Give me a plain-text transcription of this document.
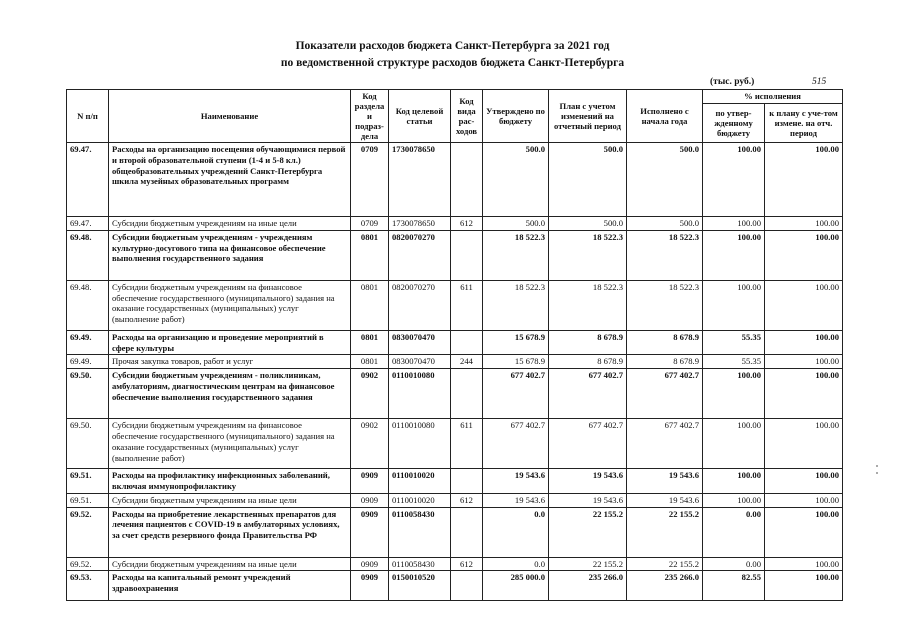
Показатели расходов бюджета Санкт-Петербурга за 2021 год
по ведомственной структуре расходов бюджета Санкт-Петербурга
(тыс. руб.)	515
N п/п	Наименование	Код раздела и подраз-дела	Код целевой статьи	Код вида рас-ходов	Утверждено по бюджету	План с учетом изменений на отчетный период	Исполнено с начала года	% исполнения	
								по утвер-жденному бюджету	к плану с уче-том измене. на отч. период
69.47.	Расходы на организацию посещения обучающимися первой и второй образовательной ступени (1-4 и 5-8 кл.) общеобразовательных учреждений Санкт-Петербурга шкила музейных образовательных программ	0709	1730078650		500.0	500.0	500.0	100.00	100.00
69.47.	Субсидии бюджетным учреждениям на иные цели	0709	1730078650	612	500.0	500.0	500.0	100.00	100.00
69.48.	Субсидии бюджетным учреждениям - учреждениям культурно-досугового типа на финансовое обеспечение выполнения государственного задания	0801	0820070270		18 522.3	18 522.3	18 522.3	100.00	100.00
69.48.	Субсидии бюджетным учреждениям на финансовое обеспечение государственного (муниципального) задания на оказание государственных (муниципальных) услуг (выполнение работ)	0801	0820070270	611	18 522.3	18 522.3	18 522.3	100.00	100.00
69.49.	Расходы на организацию и проведение мероприятий в сфере культуры	0801	0830070470		15 678.9	8 678.9	8 678.9	55.35	100.00
69.49.	Прочая закупка товаров, работ и услуг	0801	0830070470	244	15 678.9	8 678.9	8 678.9	55.35	100.00
69.50.	Субсидии бюджетным учреждениям - поликлиникам, амбулаториям, диагностическим центрам на финансовое обеспечение выполнения государственного задания	0902	0110010080		677 402.7	677 402.7	677 402.7	100.00	100.00
69.50.	Субсидии бюджетным учреждениям на финансовое обеспечение государственного (муниципального) задания на оказание государственных (муниципальных) услуг (выполнение работ)	0902	0110010080	611	677 402.7	677 402.7	677 402.7	100.00	100.00
69.51.	Расходы на профилактику инфекционных заболеваний, включая иммунопрофилактику	0909	0110010020		19 543.6	19 543.6	19 543.6	100.00	100.00
69.51.	Субсидии бюджетным учреждениям на иные цели	0909	0110010020	612	19 543.6	19 543.6	19 543.6	100.00	100.00
69.52.	Расходы на приобретение лекарственных препаратов для лечения пациентов с COVID-19 в амбулаторных условиях, за счет средств резервного фонда Правительства РФ	0909	0110058430		0.0	22 155.2	22 155.2	0.00	100.00
69.52.	Субсидии бюджетным учреждениям на иные цели	0909	0110058430	612	0.0	22 155.2	22 155.2	0.00	100.00
69.53.	Расходы на капитальный ремонт учреждений здравоохранения	0909	0150010520		285 000.0	235 266.0	235 266.0	82.55	100.00
